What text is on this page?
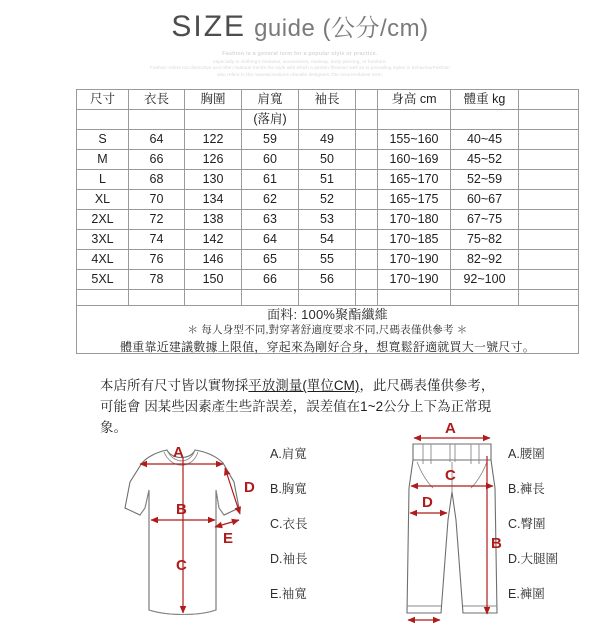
SIZE guide (公分/cm)
Fashion is a general term for a popular style or practice.
especially in clothing's footwear, accessories, makeup, body piercing, or furniture.
Fashion refers toa distinctive and often habitual trends the style with which a person fhsssion well as to prevailing styles in behaviourFashion
also refers to the newestcreations oftextile designers.The incurrentlatest term.
尺寸	衣長	胸圍	肩寬	袖長		身高 cm	體重 kg	
			(落肩)					
S	64	122	59	49		155~160	40~45	
M	66	126	60	50		160~169	45~52	
L	68	130	61	51		165~170	52~59	
XL	70	134	62	52		165~175	60~67	
2XL	72	138	63	53		170~180	67~75	
3XL	74	142	64	54		170~185	75~82	
4XL	76	146	65	55		170~190	82~92	
5XL	78	150	66	56		170~190	92~100	

面料: 100%聚酯纖維
＊ 每人身型不同,對穿著舒適度要求不同,尺碼表僅供參考 ＊
體重靠近建議數據上限值，穿起來為剛好合身，想寬鬆舒適就買大一號尺寸。								
本店所有尺寸皆以實物採平放測量(單位CM)，此尺碼表僅供參考，可能會 因某些因素產生些許誤差，誤差值在1~2公分上下為正常現象。
A
B
C
D
E
A.肩寬
B.胸寬
C.衣長
D.袖長
E.袖寬
A
C
D
B
A.腰圍
B.褲長
C.臀圍
D.大腿圍
E.褲圍
